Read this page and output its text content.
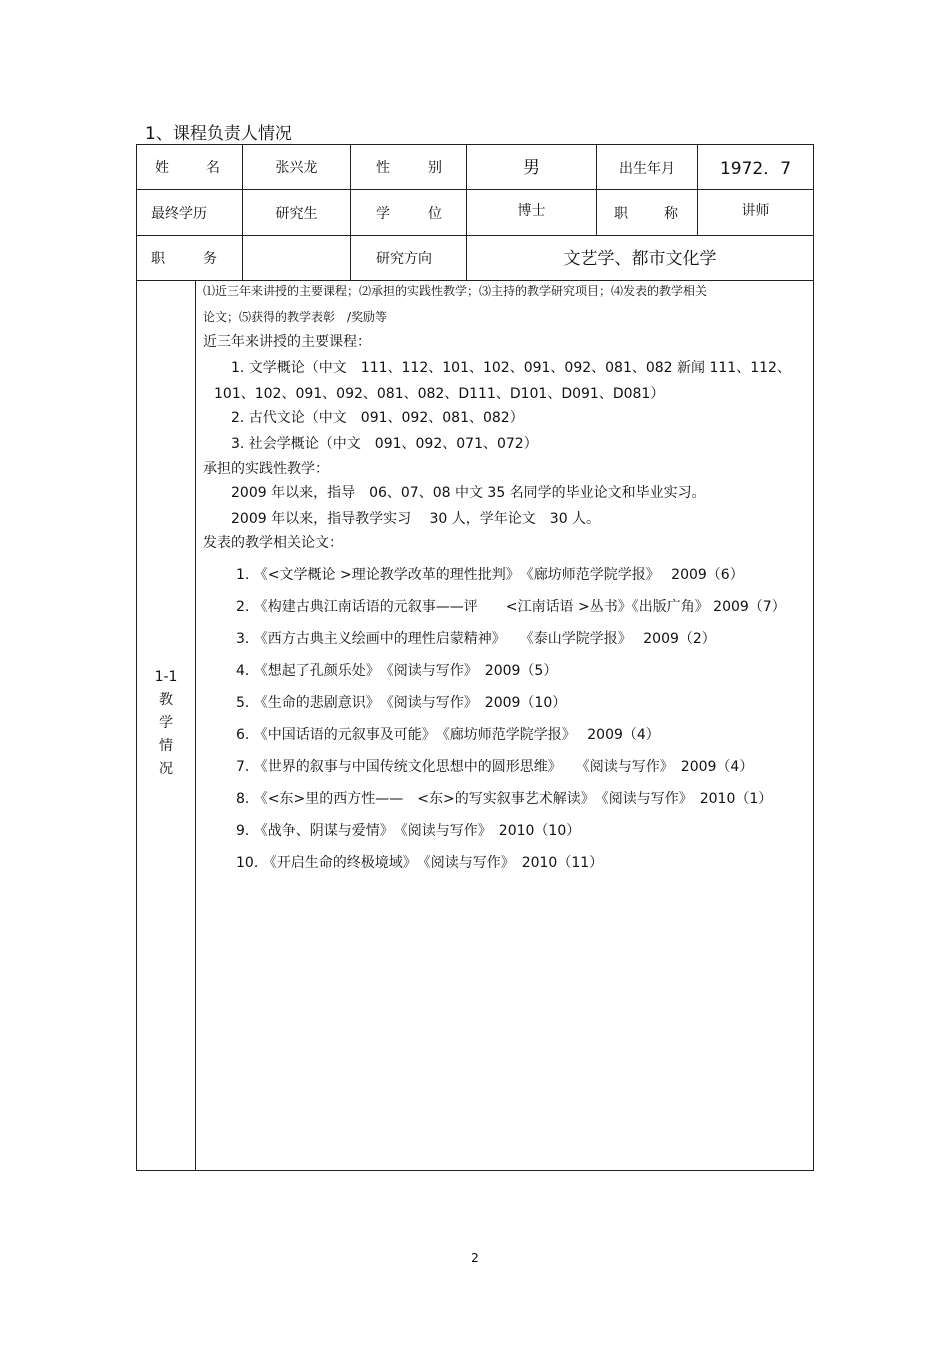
1、课程负责人情况
姓	名	张兴龙	性	别	男	出生年月	1972．7
最终学历	研究生	学	位	博士	职	称	讲师
职	务	研究方向	文艺学、都市文化学
1-1
教
学
情
况
⑴近三年来讲授的主要课程；⑵承担的实践性教学；⑶主持的教学研究项目；⑷发表的教学相关
论文；⑸获得的教学表彰　/奖励等
近三年来讲授的主要课程：
1. 文学概论（中文　111、112、101、102、091、092、081、082 新闻 111、112、
101、102、091、092、081、082、D111、D101、D091、D081）
2. 古代文论（中文　091、092、081、082）
3. 社会学概论（中文　091、092、071、072）
承担的实践性教学：
2009 年以来，指导　06、07、08 中文 35 名同学的毕业论文和毕业实习。
2009 年以来，指导教学实习　 30 人，学年论文　30 人。
发表的教学相关论文：
1. 《<文学概论 >理论教学改革的理性批判》　《廊坊师范学院学报》　 2009（6）
2. 《构建古典江南话语的元叙事——评　　<江南话语 >丛书》《出版广角》 2009（7）
3. 《西方古典主义绘画中的理性启蒙精神》　　《泰山学院学报》　 2009（2）
4. 《想起了孔颜乐处》　《阅读与写作》　2009（5）
5. 《生命的悲剧意识》　《阅读与写作》　2009（10）
6. 《中国话语的元叙事及可能》　《廊坊师范学院学报》　 2009（4）
7. 《世界的叙事与中国传统文化思想中的圆形思维》　　《阅读与写作》　2009（4）
8. 《<东>里的西方性——　<东>的写实叙事艺术解读》　《阅读与写作》　2010（1）
9. 《战争、阴谋与爱情》　《阅读与写作》　2010（10）
10. 《开启生命的终极境域》　《阅读与写作》　2010（11）
2
